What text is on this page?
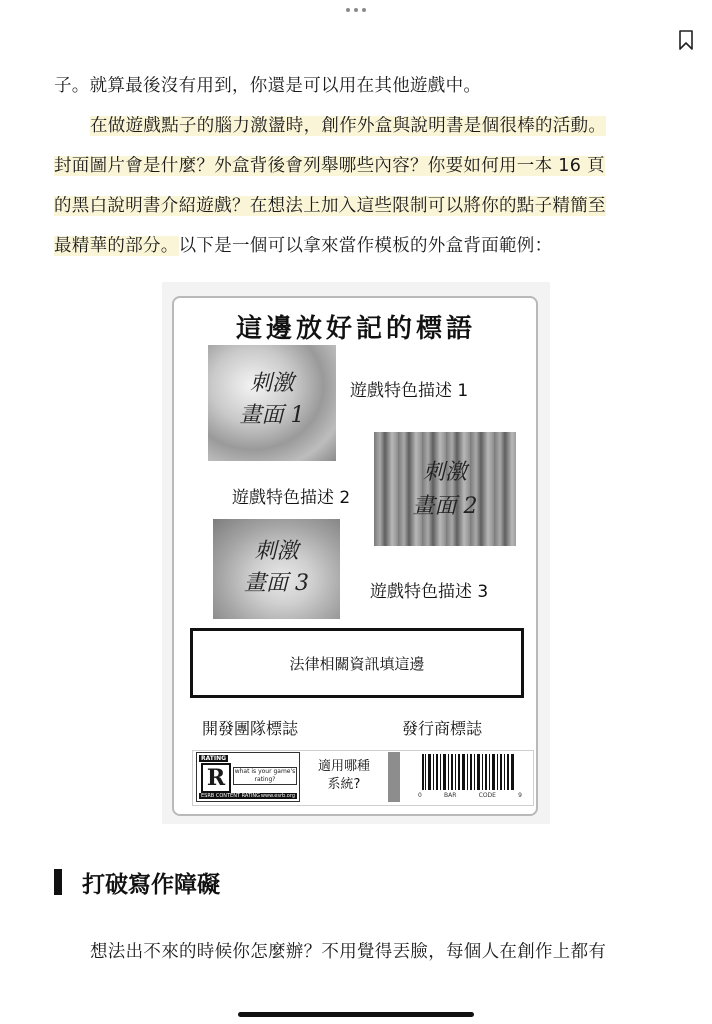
子。就算最後沒有用到，你還是可以用在其他遊戲中。
在做遊戲點子的腦力激盪時，創作外盒與說明書是個很棒的活動。
封面圖片會是什麼？外盒背後會列舉哪些內容？你要如何用一本 16 頁
的黑白說明書介紹遊戲？在想法上加入這些限制可以將你的點子精簡至
最精華的部分。以下是一個可以拿來當作模板的外盒背面範例：
這邊放好記的標語
刺激
畫面 1
刺激
畫面 2
刺激
畫面 3
遊戲特色描述 1
遊戲特色描述 2
遊戲特色描述 3
法律相關資訊填這邊
開發團隊標誌	發行商標誌
RATING
R	what is your game's rating?
ESRB CONTENT RATING www.esrb.org
適用哪種
系統?
0	BAR	CODE	9
打破寫作障礙
想法出不來的時候你怎麼辦？不用覺得丟臉，每個人在創作上都有
